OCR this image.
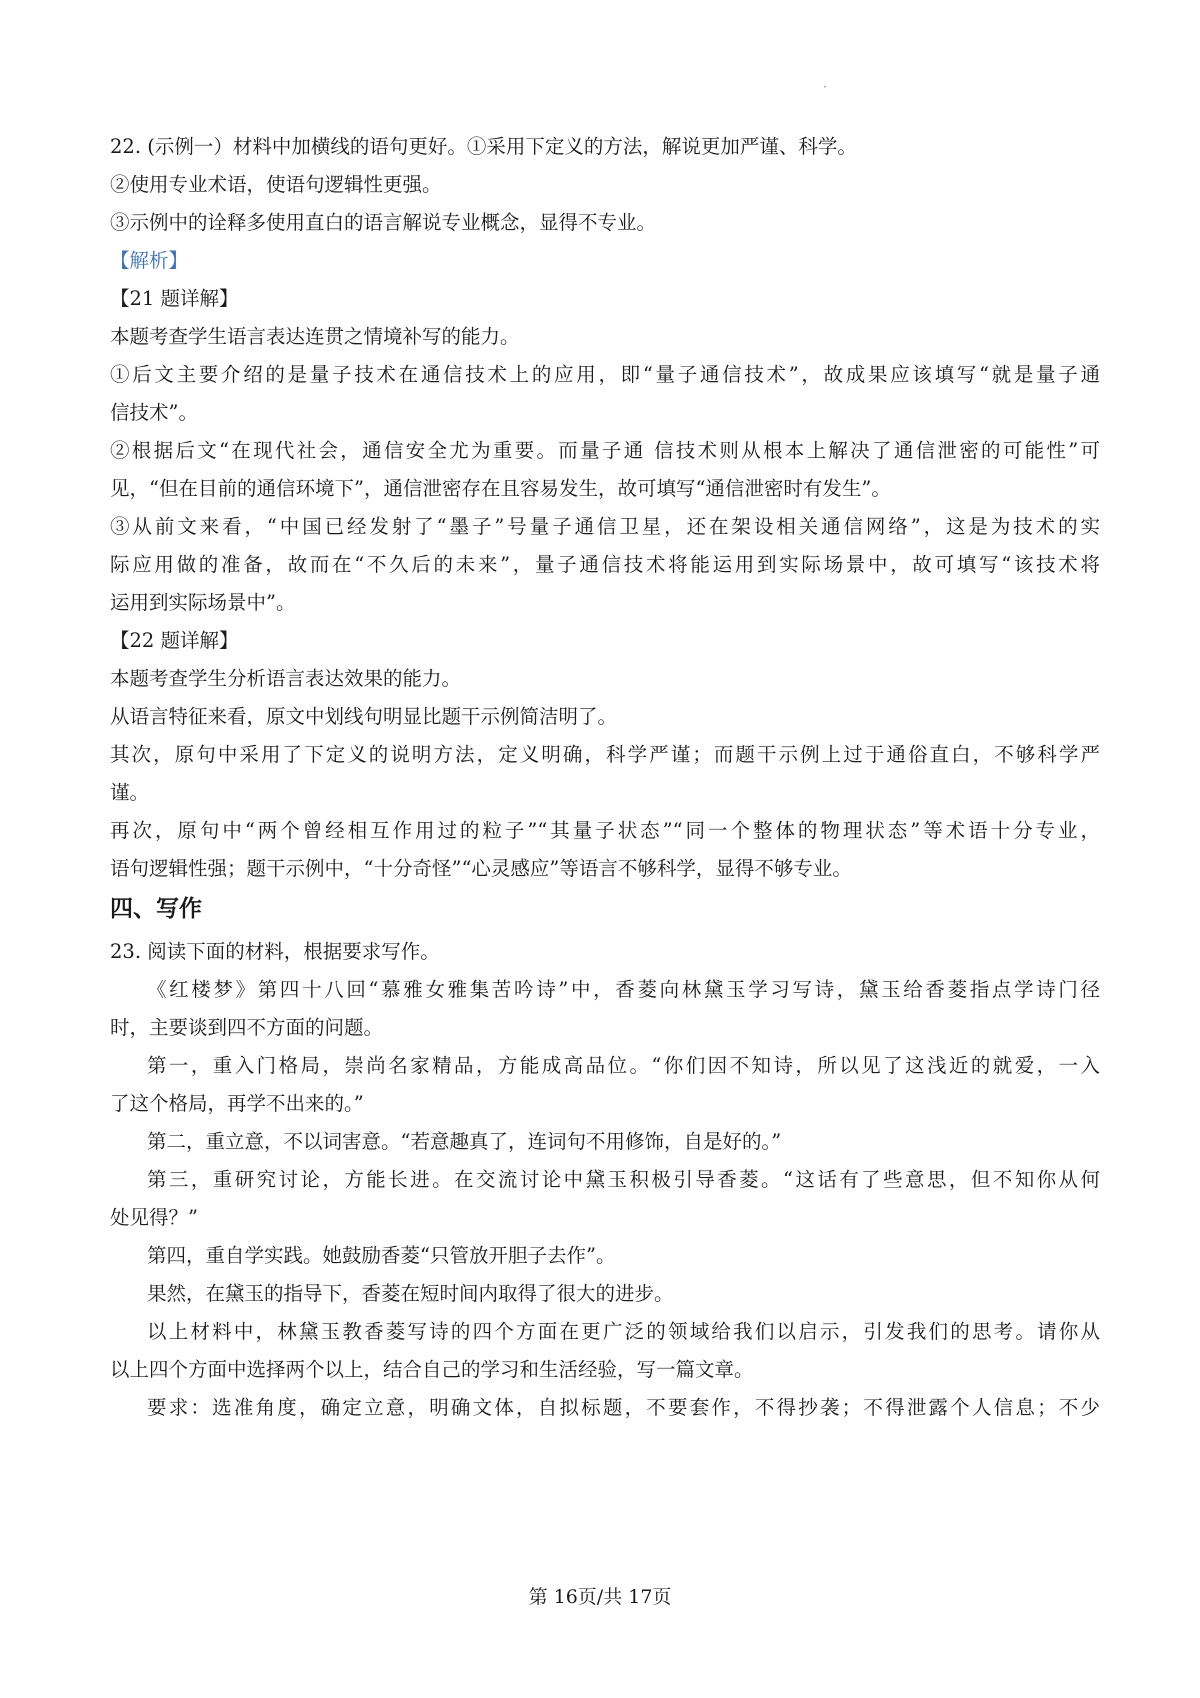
·
22. (示例一）材料中加横线的语句更好。①采用下定义的方法，解说更加严谨、科学。
②使用专业术语，使语句逻辑性更强。
③示例中的诠释多使用直白的语言解说专业概念，显得不专业。
【解析】
【21 题详解】
本题考查学生语言表达连贯之情境补写的能力。
①后文主要介绍的是量子技术在通信技术上的应用，即“量子通信技术”，故成果应该填写“就是量子通
信技术”。
②根据后文“在现代社会，通信安全尤为重要。而量子通 信技术则从根本上解决了通信泄密的可能性”可
见，“但在目前的通信环境下”，通信泄密存在且容易发生，故可填写“通信泄密时有发生”。
③从前文来看，“中国已经发射了“墨子”号量子通信卫星，还在架设相关通信网络”，这是为技术的实
际应用做的准备，故而在“不久后的未来”，量子通信技术将能运用到实际场景中，故可填写“该技术将
运用到实际场景中”。
【22 题详解】
本题考查学生分析语言表达效果的能力。
从语言特征来看，原文中划线句明显比题干示例简洁明了。
其次，原句中采用了下定义的说明方法，定义明确，科学严谨；而题干示例上过于通俗直白，不够科学严
谨。
再次，原句中“两个曾经相互作用过的粒子”“其量子状态”“同一个整体的物理状态”等术语十分专业，
语句逻辑性强；题干示例中，“十分奇怪”“心灵感应”等语言不够科学，显得不够专业。
四、写作
23. 阅读下面的材料，根据要求写作。
《红楼梦》第四十八回“慕雅女雅集苦吟诗”中，香菱向林黛玉学习写诗，黛玉给香菱指点学诗门径
时，主要谈到四不方面的问题。
第一，重入门格局，崇尚名家精品，方能成高品位。“你们因不知诗，所以见了这浅近的就爱，一入
了这个格局，再学不出来的。”
第二，重立意，不以词害意。“若意趣真了，连词句不用修饰，自是好的。”
第三，重研究讨论，方能长进。在交流讨论中黛玉积极引导香菱。“这话有了些意思，但不知你从何
处见得？”
第四，重自学实践。她鼓励香菱“只管放开胆子去作”。
果然，在黛玉的指导下，香菱在短时间内取得了很大的进步。
以上材料中，林黛玉教香菱写诗的四个方面在更广泛的领域给我们以启示，引发我们的思考。请你从
以上四个方面中选择两个以上，结合自己的学习和生活经验，写一篇文章。
要求：选准角度，确定立意，明确文体，自拟标题，不要套作，不得抄袭；不得泄露个人信息；不少
第 16页/共 17页
